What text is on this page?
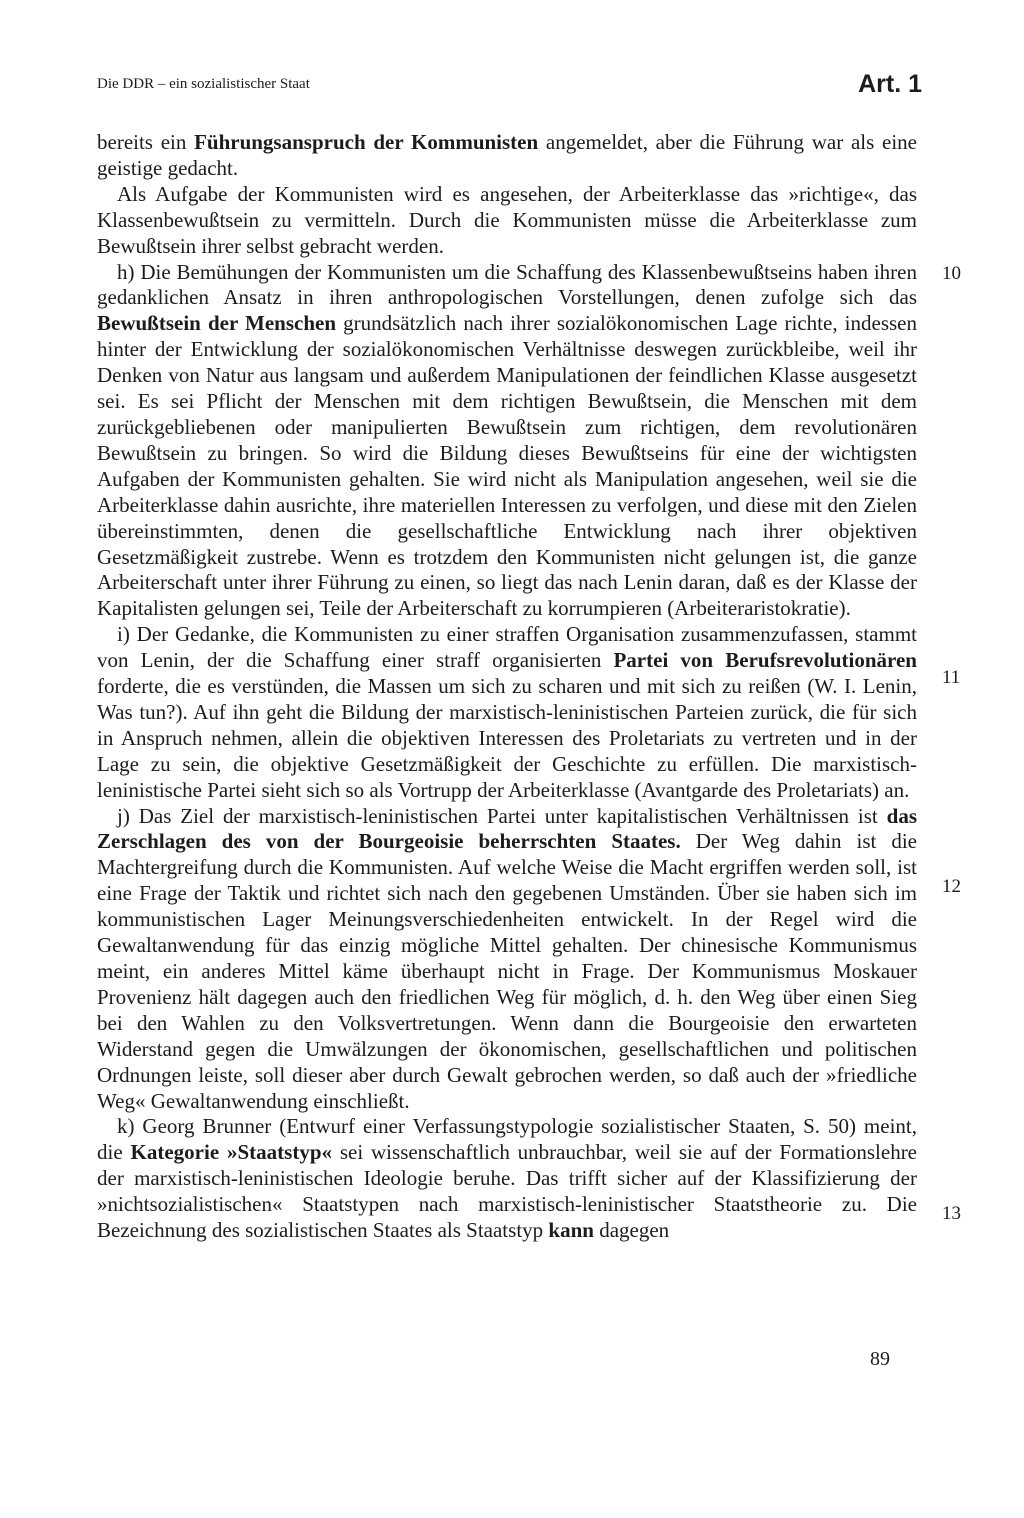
Die DDR – ein sozialistischer Staat	Art. 1

bereits ein Führungsanspruch der Kommunisten angemeldet, aber die Führung war als eine geistige gedacht.

Als Aufgabe der Kommunisten wird es angesehen, der Arbeiterklasse das »richtige«, das Klassenbewußtsein zu vermitteln. Durch die Kommunisten müsse die Arbeiterklasse zum Bewußtsein ihrer selbst gebracht werden.

h) Die Bemühungen der Kommunisten um die Schaffung des Klassenbewußtseins haben ihren gedanklichen Ansatz in ihren anthropologischen Vorstellungen, denen zufolge sich das Bewußtsein der Menschen grundsätzlich nach ihrer sozialökonomischen Lage richte, indessen hinter der Entwicklung der sozialökonomischen Verhältnisse deswegen zurückbleibe, weil ihr Denken von Natur aus langsam und außerdem Manipulationen der feindlichen Klasse ausgesetzt sei. Es sei Pflicht der Menschen mit dem richtigen Bewußtsein, die Menschen mit dem zurückgebliebenen oder manipulierten Bewußtsein zum richtigen, dem revolutionären Bewußtsein zu bringen. So wird die Bildung dieses Bewußtseins für eine der wichtigsten Aufgaben der Kommunisten gehalten. Sie wird nicht als Manipulation angesehen, weil sie die Arbeiterklasse dahin ausrichte, ihre materiellen Interessen zu verfolgen, und diese mit den Zielen übereinstimmten, denen die gesellschaftliche Entwicklung nach ihrer objektiven Gesetzmäßigkeit zustrebe. Wenn es trotzdem den Kommunisten nicht gelungen ist, die ganze Arbeiterschaft unter ihrer Führung zu einen, so liegt das nach Lenin daran, daß es der Klasse der Kapitalisten gelungen sei, Teile der Arbeiterschaft zu korrumpieren (Arbeiteraristokratie).

i) Der Gedanke, die Kommunisten zu einer straffen Organisation zusammenzufassen, stammt von Lenin, der die Schaffung einer straff organisierten Partei von Berufsrevolutionären forderte, die es verstünden, die Massen um sich zu scharen und mit sich zu reißen (W. I. Lenin, Was tun?). Auf ihn geht die Bildung der marxistisch-leninistischen Parteien zurück, die für sich in Anspruch nehmen, allein die objektiven Interessen des Proletariats zu vertreten und in der Lage zu sein, die objektive Gesetzmäßigkeit der Geschichte zu erfüllen. Die marxistisch-leninistische Partei sieht sich so als Vortrupp der Arbeiterklasse (Avantgarde des Proletariats) an.

j) Das Ziel der marxistisch-leninistischen Partei unter kapitalistischen Verhältnissen ist das Zerschlagen des von der Bourgeoisie beherrschten Staates. Der Weg dahin ist die Machtergreifung durch die Kommunisten. Auf welche Weise die Macht ergriffen werden soll, ist eine Frage der Taktik und richtet sich nach den gegebenen Umständen. Über sie haben sich im kommunistischen Lager Meinungsverschiedenheiten entwickelt. In der Regel wird die Gewaltanwendung für das einzig mögliche Mittel gehalten. Der chinesische Kommunismus meint, ein anderes Mittel käme überhaupt nicht in Frage. Der Kommunismus Moskauer Provenienz hält dagegen auch den friedlichen Weg für möglich, d. h. den Weg über einen Sieg bei den Wahlen zu den Volksvertretungen. Wenn dann die Bourgeoisie den erwarteten Widerstand gegen die Umwälzungen der ökonomischen, gesellschaftlichen und politischen Ordnungen leiste, soll dieser aber durch Gewalt gebrochen werden, so daß auch der »friedliche Weg« Gewaltanwendung einschließt.

k) Georg Brunner (Entwurf einer Verfassungstypologie sozialistischer Staaten, S. 50) meint, die Kategorie »Staatstyp« sei wissenschaftlich unbrauchbar, weil sie auf der Formationslehre der marxistisch-leninistischen Ideologie beruhe. Das trifft sicher auf der Klassifizierung der »nichtsozialistischen« Staatstypen nach marxistisch-leninistischer Staatstheorie zu. Die Bezeichnung des sozialistischen Staates als Staatstyp kann dagegen

10
11
12
13
89
